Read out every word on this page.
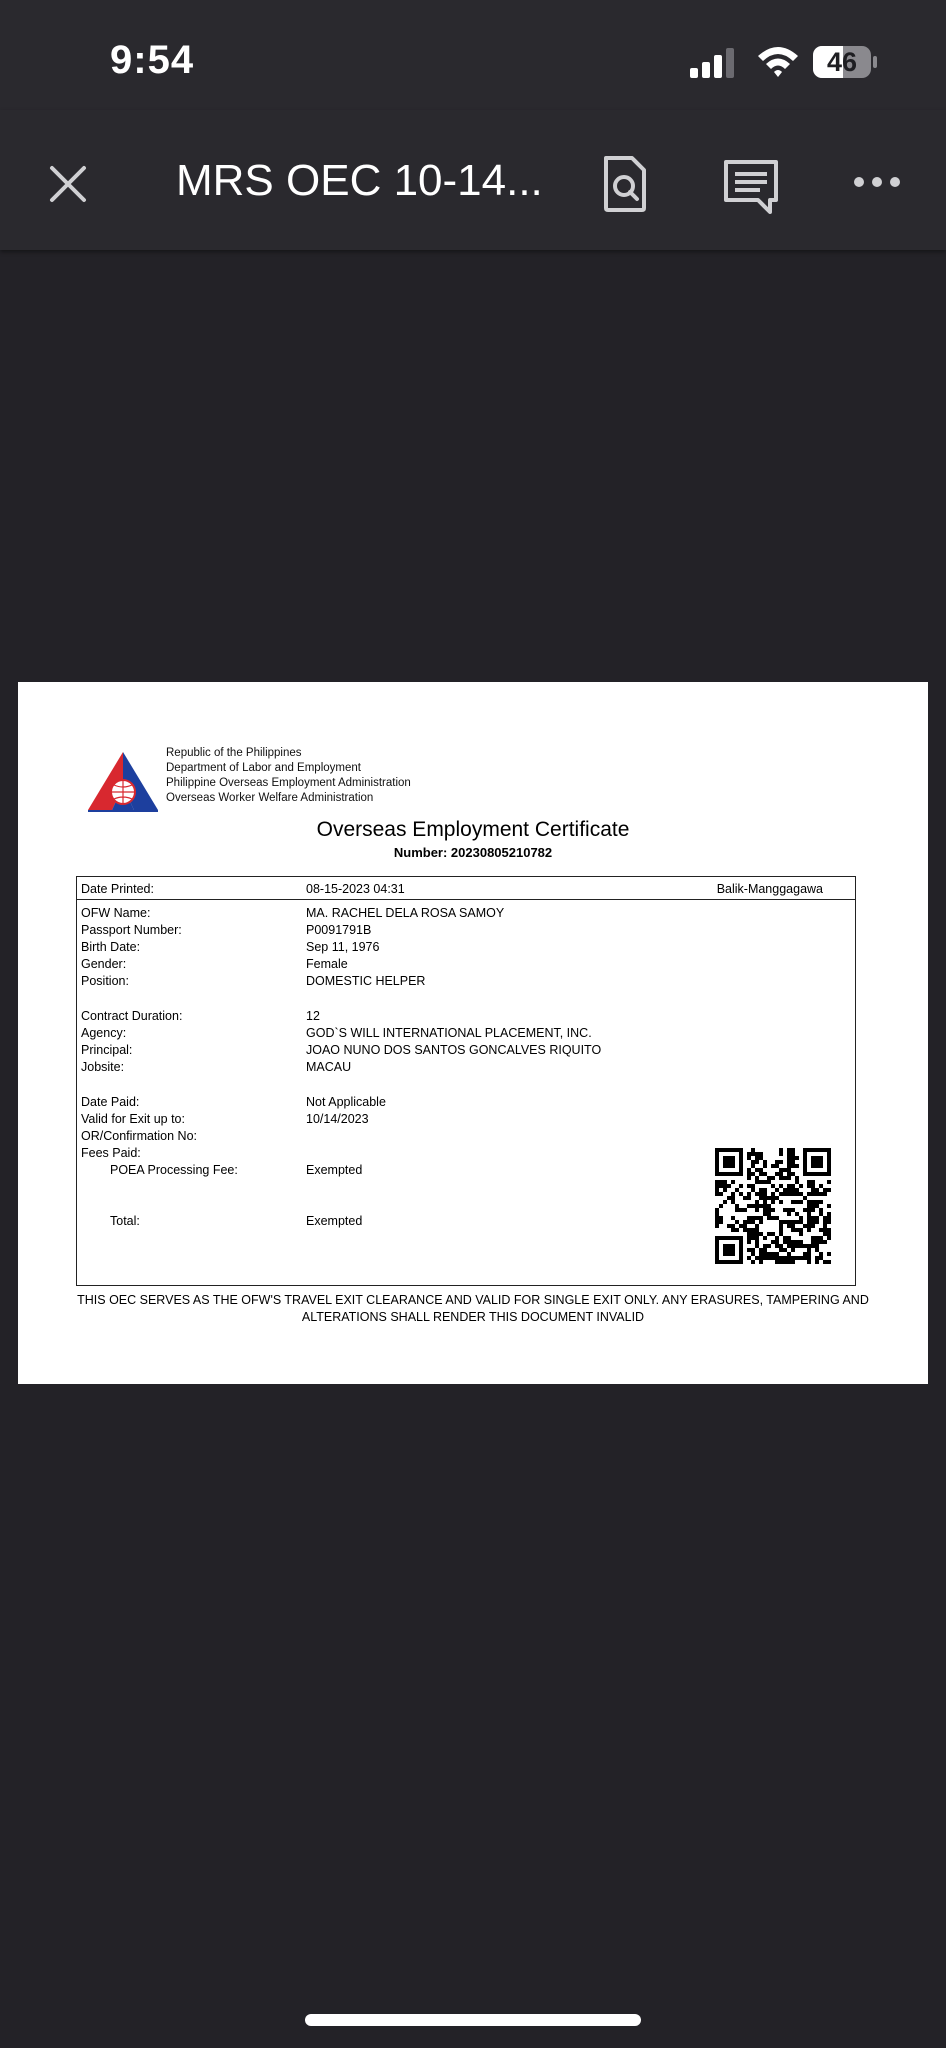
9:54	46
MRS OEC 10-14...
Republic of the Philippines
Department of Labor and Employment
Philippine Overseas Employment Administration
Overseas Worker Welfare Administration
Overseas Employment Certificate
Number: 20230805210782
Date Printed:	08-15-2023 04:31	Balik-Manggagawa
OFW Name:	MA. RACHEL DELA ROSA SAMOY
Passport Number:	P0091791B
Birth Date:	Sep 11, 1976
Gender:	Female
Position:	DOMESTIC HELPER
Contract Duration:	12
Agency:	GOD`S WILL INTERNATIONAL PLACEMENT, INC.
Principal:	JOAO NUNO DOS SANTOS GONCALVES RIQUITO
Jobsite:	MACAU
Date Paid:	Not Applicable
Valid for Exit up to:	10/14/2023
OR/Confirmation No:
Fees Paid:
POEA Processing Fee:	Exempted
Total:	Exempted
THIS OEC SERVES AS THE OFW'S TRAVEL EXIT CLEARANCE AND VALID FOR SINGLE EXIT ONLY. ANY ERASURES, TAMPERING AND ALTERATIONS SHALL RENDER THIS DOCUMENT INVALID
